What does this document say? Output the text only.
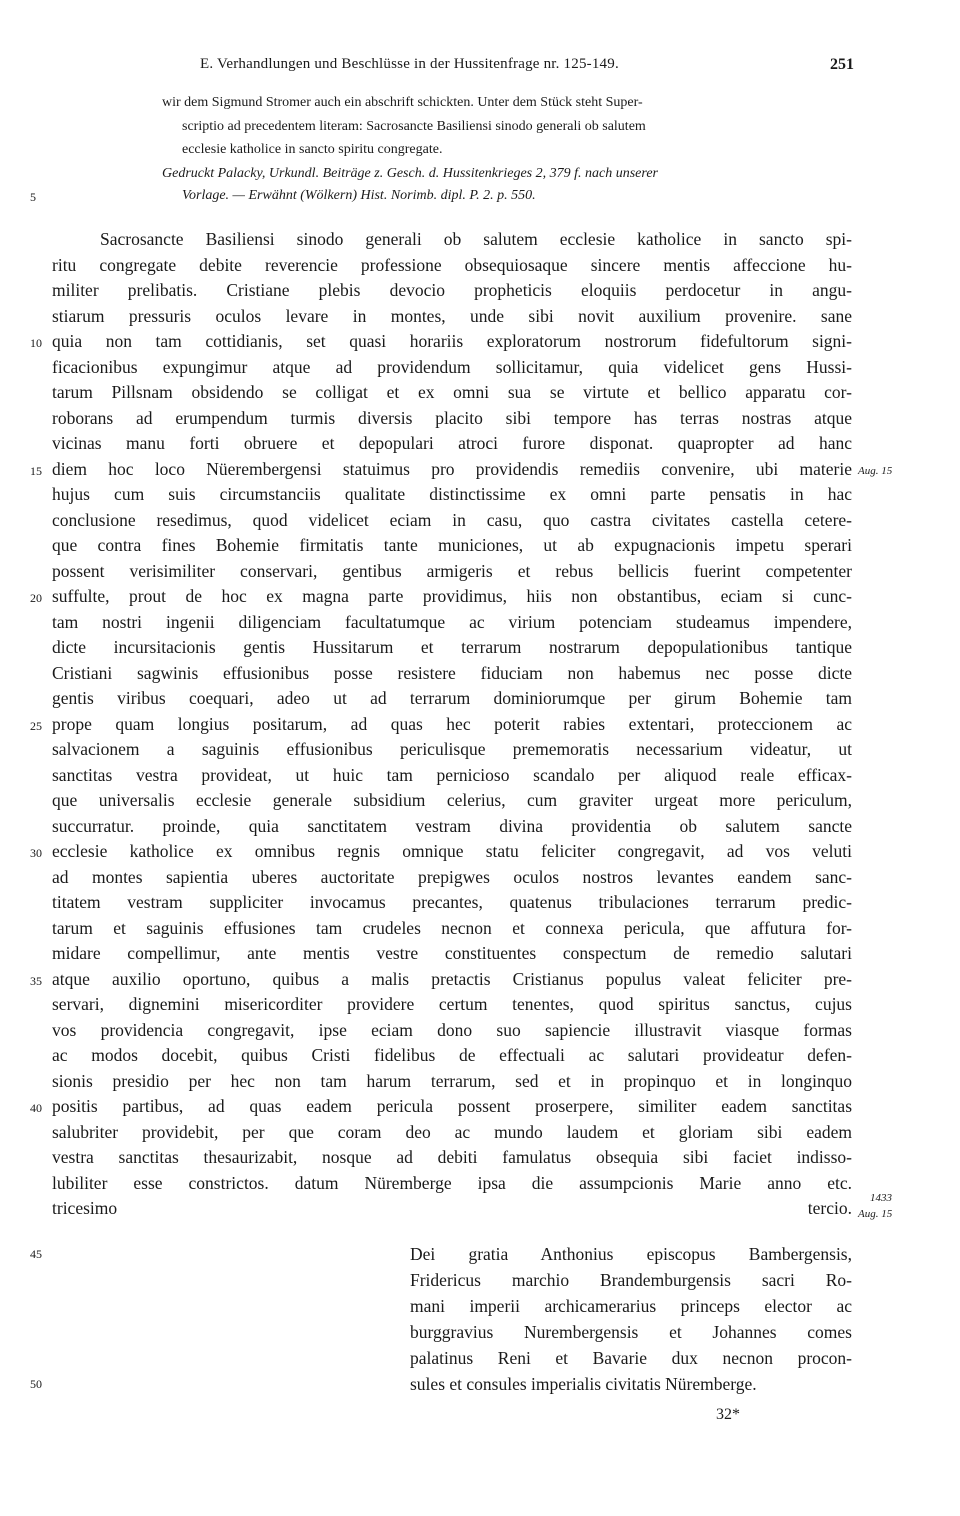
E. Verhandlungen und Beschlüsse in der Hussitenfrage nr. 125-149.	251
wir dem Sigmund Stromer auch ein abschrift schickten. Unter dem Stück steht Super-
scriptio ad precedentem literam: Sacrosancte Basiliensi sinodo generali ob salutem
ecclesie katholice in sancto spiritu congregate.
Gedruckt Palacky, Urkundl. Beiträge z. Gesch. d. Hussitenkrieges 2, 379 f. nach unserer
Vorlage. — Erwähnt (Wölkern) Hist. Norimb. dipl. P. 2. p. 550.
5
10
15
20
25
30
35
40
45
50
Aug. 15
1433
Aug. 15
Sacrosancte Basiliensi sinodo generali ob salutem ecclesie katholice in sancto spi-
ritu congregate debite reverencie professione obsequiosaque sincere mentis affeccione hu-
militer prelibatis. Cristiane plebis devocio propheticis eloquiis perdocetur in angu-
stiarum pressuris oculos levare in montes, unde sibi novit auxilium provenire. sane
quia non tam cottidianis, set quasi horariis exploratorum nostrorum fidefultorum signi-
ficacionibus expungimur atque ad providendum sollicitamur, quia videlicet gens Hussi-
tarum Pillsnam obsidendo se colligat et ex omni sua se virtute et bellico apparatu cor-
roborans ad erumpendum turmis diversis placito sibi tempore has terras nostras atque
vicinas manu forti obruere et depopulari atroci furore disponat. quapropter ad hanc
diem hoc loco Nüerembergensi statuimus pro providendis remediis convenire, ubi materie
hujus cum suis circumstanciis qualitate distinctissime ex omni parte pensatis in hac
conclusione resedimus, quod videlicet eciam in casu, quo castra civitates castella cetere-
que contra fines Bohemie firmitatis tante municiones, ut ab expugnacionis impetu sperari
possent verisimiliter conservari, gentibus armigeris et rebus bellicis fuerint competenter
suffulte, prout de hoc ex magna parte providimus, hiis non obstantibus, eciam si cunc-
tam nostri ingenii diligenciam facultatumque ac virium potenciam studeamus impendere,
dicte incursitacionis gentis Hussitarum et terrarum nostrarum depopulationibus tantique
Cristiani sagwinis effusionibus posse resistere fiduciam non habemus nec posse dicte
gentis viribus coequari, adeo ut ad terrarum dominiorumque per girum Bohemie tam
prope quam longius positarum, ad quas hec poterit rabies extentari, proteccionem ac
salvacionem a saguinis effusionibus periculisque prememoratis necessarium videatur, ut
sanctitas vestra provideat, ut huic tam pernicioso scandalo per aliquod reale efficax-
que universalis ecclesie generale subsidium celerius, cum graviter urgeat more periculum,
succurratur. proinde, quia sanctitatem vestram divina providentia ob salutem sancte
ecclesie katholice ex omnibus regnis omnique statu feliciter congregavit, ad vos veluti
ad montes sapientia uberes auctoritate prepigwes oculos nostros levantes eandem sanc-
titatem vestram suppliciter invocamus precantes, quatenus tribulaciones terrarum predic-
tarum et saguinis effusiones tam crudeles necnon et connexa pericula, que affutura for-
midare compellimur, ante mentis vestre constituentes conspectum de remedio salutari
atque auxilio oportuno, quibus a malis pretactis Cristianus populus valeat feliciter pre-
servari, dignemini misericorditer providere certum tenentes, quod spiritus sanctus, cujus
vos providencia congregavit, ipse eciam dono suo sapiencie illustravit viasque formas
ac modos docebit, quibus Cristi fidelibus de effectuali ac salutari provideatur defen-
sionis presidio per hec non tam harum terrarum, sed et in propinquo et in longinquo
positis partibus, ad quas eadem pericula possent proserpere, similiter eadem sanctitas
salubriter providebit, per que coram deo ac mundo laudem et gloriam sibi eadem
vestra sanctitas thesaurizabit, nosque ad debiti famulatus obsequia sibi faciet indisso-
lubiliter esse constrictos. datum Nüremberge ipsa die assumpcionis Marie anno etc.
tricesimo tercio.
Dei gratia Anthonius episcopus Bambergensis,
Fridericus marchio Brandemburgensis sacri Ro-
mani imperii archicamerarius princeps elector ac
burggravius Nurembergensis et Johannes comes
palatinus Reni et Bavarie dux necnon procon-
sules et consules imperialis civitatis Nüremberge.
32*
